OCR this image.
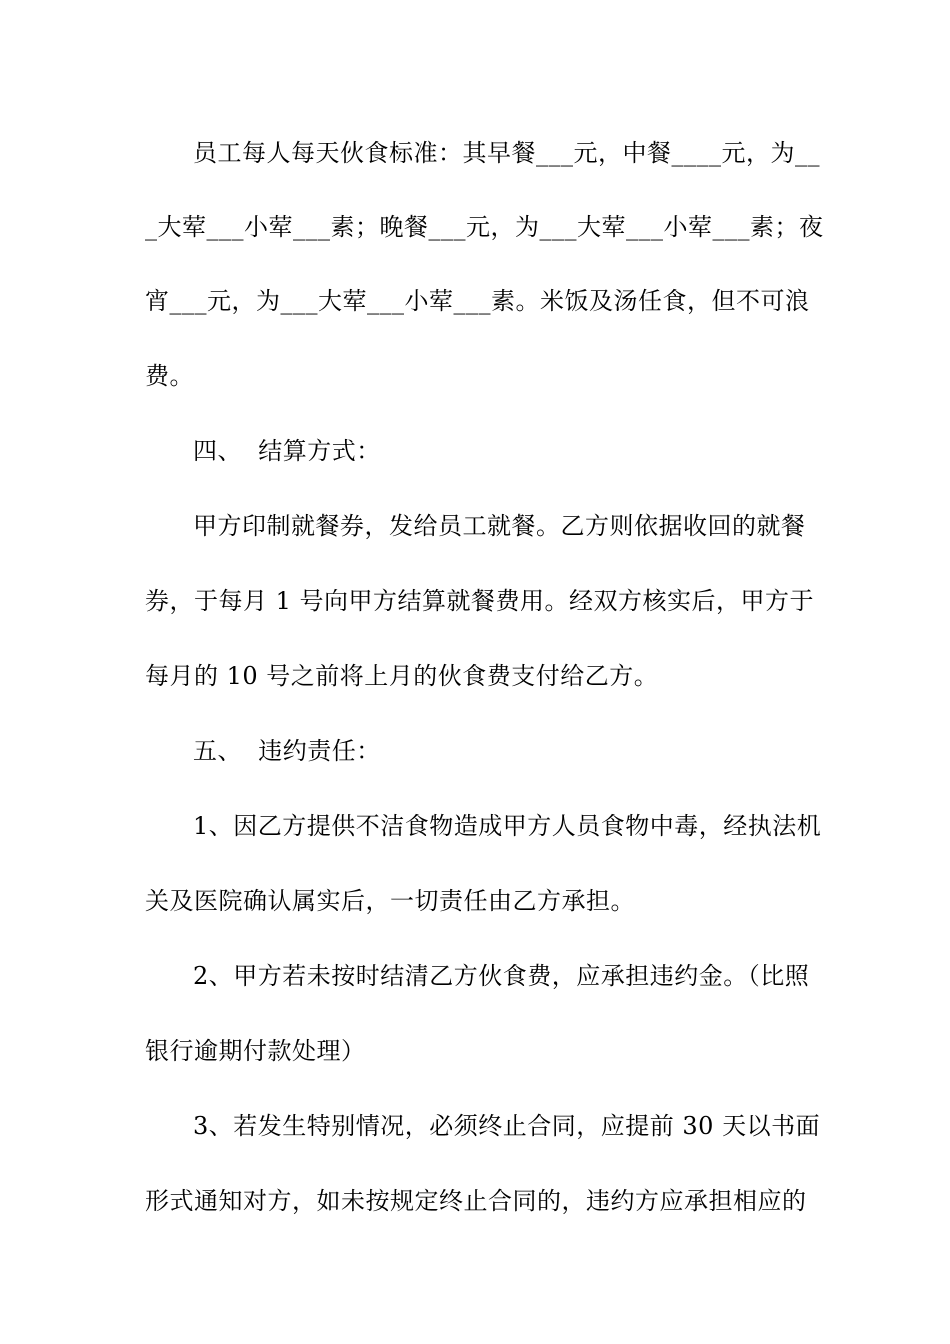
员工每人每天伙食标准：其早餐___元，中餐____元，为__
_大荤___小荤___素；晚餐___元，为___大荤___小荤___素；夜
宵___元，为___大荤___小荤___素。米饭及汤任食，但不可浪
费。
四、  结算方式：
甲方印制就餐券，发给员工就餐。乙方则依据收回的就餐
券，于每月 1 号向甲方结算就餐费用。经双方核实后，甲方于
每月的 10 号之前将上月的伙食费支付给乙方。
五、  违约责任：
1、因乙方提供不洁食物造成甲方人员食物中毒，经执法机
关及医院确认属实后，一切责任由乙方承担。
2、甲方若未按时结清乙方伙食费，应承担违约金。（比照
银行逾期付款处理）
3、若发生特别情况，必须终止合同，应提前 30 天以书面
形式通知对方，如未按规定终止合同的，违约方应承担相应的
